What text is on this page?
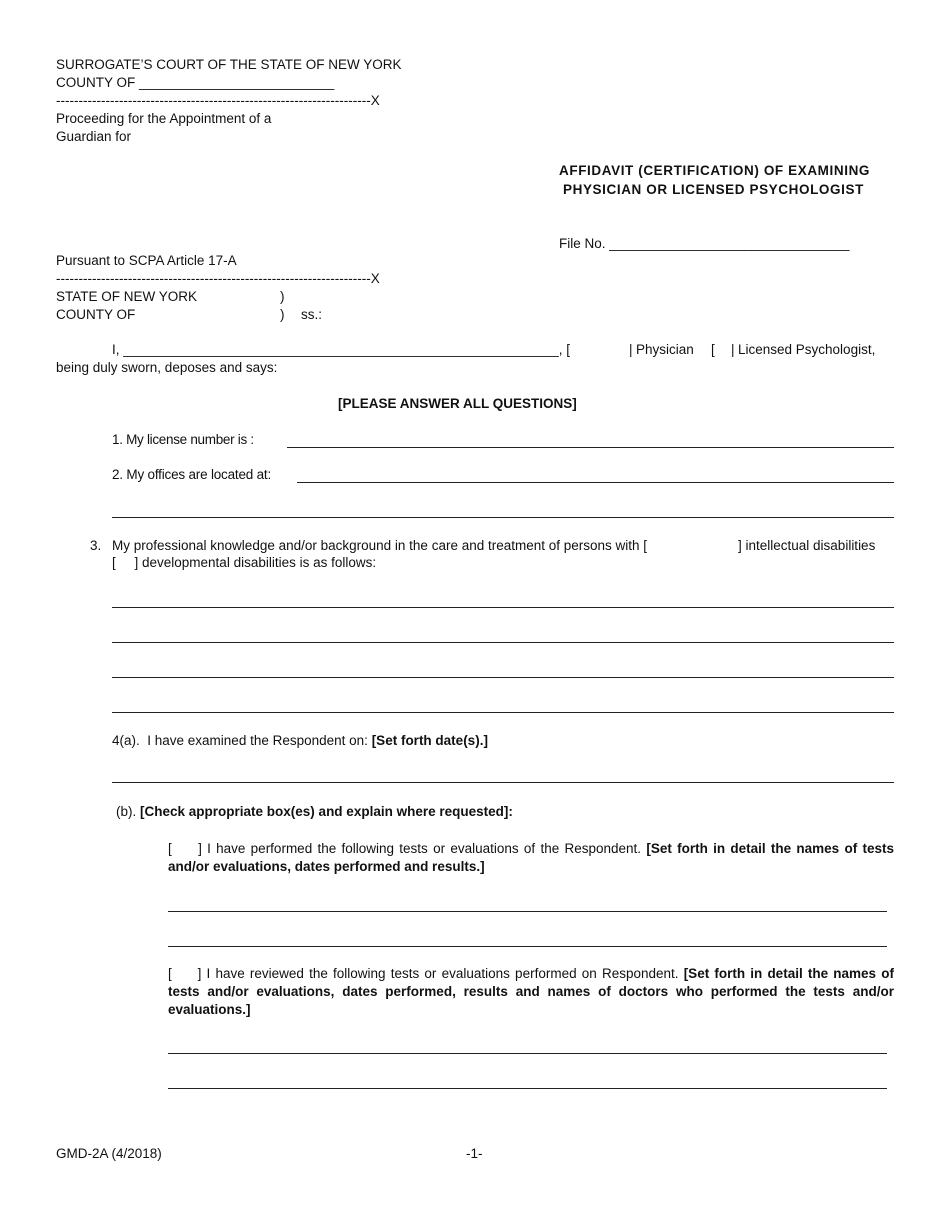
SURROGATE’S COURT OF THE STATE OF NEW YORK
COUNTY OF __________________________
----------------------------------------------------------------------X
Proceeding for the Appointment of a
Guardian for
AFFIDAVIT (CERTIFICATION) OF EXAMINING
PHYSICIAN OR LICENSED PSYCHOLOGIST
File No. ________________________________
Pursuant to SCPA Article 17-A
----------------------------------------------------------------------X
STATE OF NEW YORK	)
COUNTY OF	) ss.:
I, __________________________________________________________, [	| Physician [ | Licensed Psychologist,
being duly sworn, deposes and says:
[PLEASE ANSWER ALL QUESTIONS]
1. My license number is :
2. My offices are located at:
3. My professional knowledge and/or background in the care and treatment of persons with [	] intellectual disabilities
[     ] developmental disabilities is as follows:
4(a).  I have examined the Respondent on: [Set forth date(s).]
(b). [Check appropriate box(es) and explain where requested]:
[     ] I have performed the following tests or evaluations of the Respondent. [Set forth in detail the names of tests and/or evaluations, dates performed and results.]
[     ] I have reviewed the following tests or evaluations performed on Respondent. [Set forth in detail the names of tests and/or evaluations, dates performed, results and names of doctors who performed the tests and/or evaluations.]
GMD-2A (4/2018)	-1-
